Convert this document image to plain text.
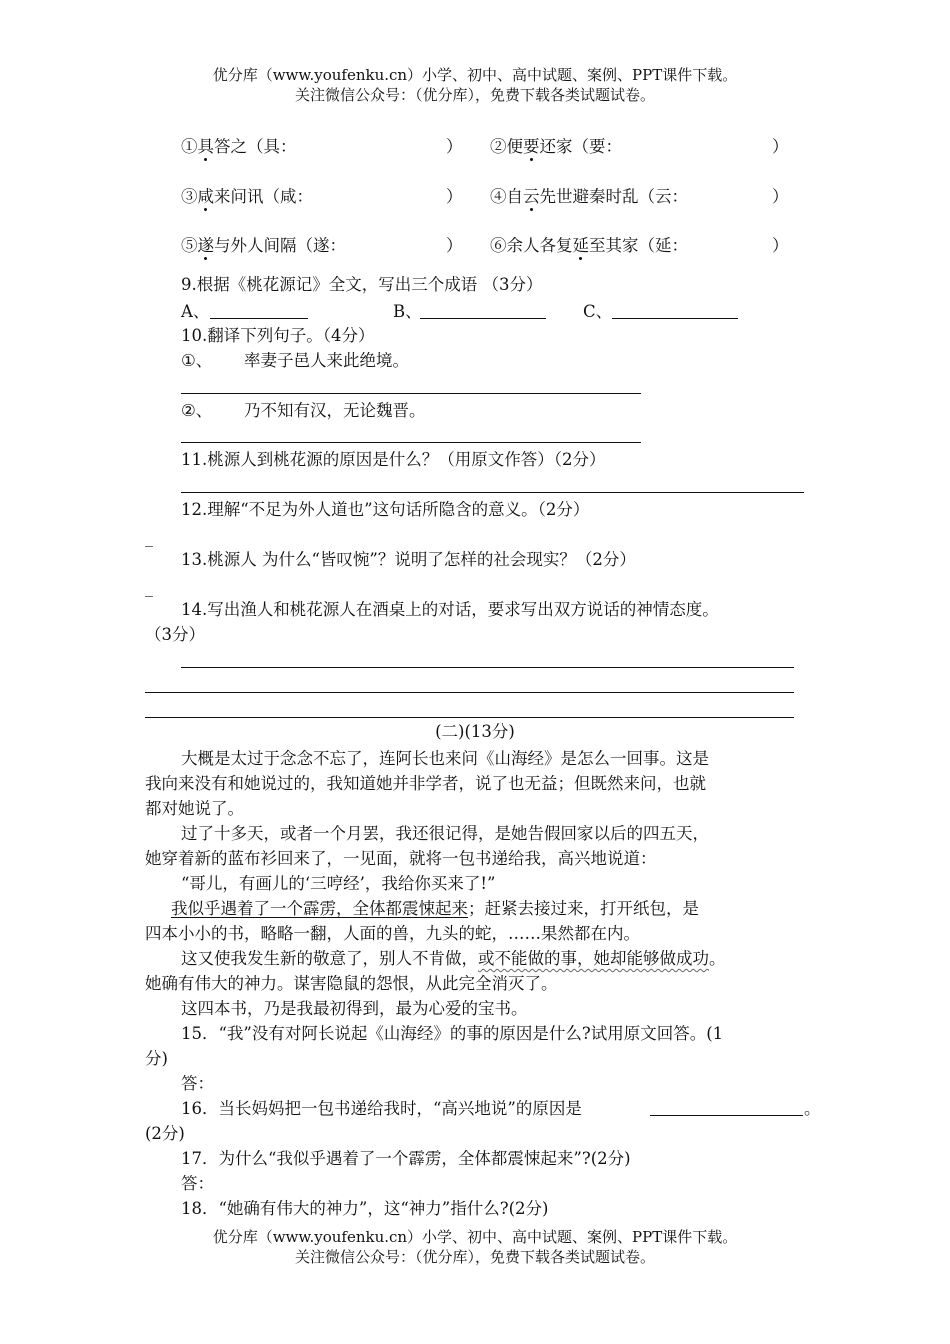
优分库（www.youfenku.cn）小学、初中、高中试题、案例、PPT课件下载。
关注微信公众号：（优分库），免费下载各类试题试卷。
①具答之（具：	） ②便要还家（要：	）
③咸来问讯（咸：	） ④自云先世避秦时乱（云：	）
⑤遂与外人间隔（遂：	） ⑥余人各复延至其家（延：	）
9.根据《桃花源记》全文，写出三个成语 （3分）
A、	B、	C、
10.翻译下列句子。（4分）
①、 率妻子邑人来此绝境。
②、 乃不知有汉，无论魏晋。
11.桃源人到桃花源的原因是什么？（用原文作答）（2分）
12.理解“不足为外人道也”这句话所隐含的意义。（2分）
_
13.桃源人 为什么“皆叹惋”？说明了怎样的社会现实？（2分）
_
14.写出渔人和桃花源人在酒桌上的对话，要求写出双方说话的神情态度。
（3分）
(二)(13分)
大概是太过于念念不忘了，连阿长也来问《山海经》是怎么一回事。这是
我向来没有和她说过的，我知道她并非学者，说了也无益；但既然来问，也就
都对她说了。
过了十多天，或者一个月罢，我还很记得，是她告假回家以后的四五天，
她穿着新的蓝布衫回来了，一见面，就将一包书递给我，高兴地说道：
“哥儿，有画儿的‘三哼经’，我给你买来了!”
我似乎遇着了一个霹雳，全体都震悚起来；赶紧去接过来，打开纸包，是
四本小小的书，略略一翻，人面的兽，九头的蛇，……果然都在内。
这又使我发生新的敬意了，别人不肯做，或不能做的事，她却能够做成功。
她确有伟大的神力。谋害隐鼠的怨恨，从此完全消灭了。
这四本书，乃是我最初得到，最为心爱的宝书。
15．“我”没有对阿长说起《山海经》的事的原因是什么?试用原文回答。(1
分)
答：
16．当长妈妈把一包书递给我时，“高兴地说”的原因是	。
(2分)
17．为什么“我似乎遇着了一个霹雳，全体都震悚起来”?(2分)
答：
18．“她确有伟大的神力”，这“神力”指什么?(2分)
优分库（www.youfenku.cn）小学、初中、高中试题、案例、PPT课件下载。
关注微信公众号：（优分库），免费下载各类试题试卷。
